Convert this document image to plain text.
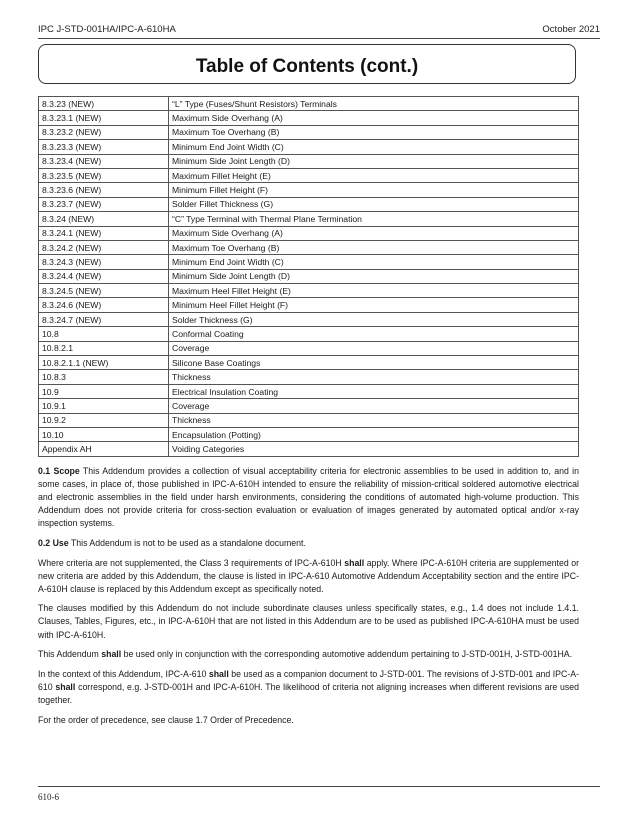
IPC J-STD-001HA/IPC-A-610HA	October 2021
Table of Contents (cont.)
8.3.23 (NEW)	“L” Type (Fuses/Shunt Resistors) Terminals
8.3.23.1 (NEW)	Maximum Side Overhang (A)
8.3.23.2 (NEW)	Maximum Toe Overhang (B)
8.3.23.3 (NEW)	Minimum End Joint Width (C)
8.3.23.4 (NEW)	Minimum Side Joint Length (D)
8.3.23.5 (NEW)	Maximum Fillet Height (E)
8.3.23.6 (NEW)	Minimum Fillet Height (F)
8.3.23.7 (NEW)	Solder Fillet Thickness (G)
8.3.24 (NEW)	“C” Type Terminal with Thermal Plane Termination
8.3.24.1 (NEW)	Maximum Side Overhang (A)
8.3.24.2 (NEW)	Maximum Toe Overhang (B)
8.3.24.3 (NEW)	Minimum End Joint Width (C)
8.3.24.4 (NEW)	Minimum Side Joint Length (D)
8.3.24.5 (NEW)	Maximum Heel Fillet Height (E)
8.3.24.6 (NEW)	Minimum Heel Fillet Height (F)
8.3.24.7 (NEW)	Solder Thickness (G)
10.8	Conformal Coating
10.8.2.1	Coverage
10.8.2.1.1 (NEW)	Silicone Base Coatings
10.8.3	Thickness
10.9	Electrical Insulation Coating
10.9.1	Coverage
10.9.2	Thickness
10.10	Encapsulation (Potting)
Appendix AH	Voiding Categories

0.1 Scope This Addendum provides a collection of visual acceptability criteria for electronic assemblies to be used in addition to, and in some cases, in place of, those published in IPC-A-610H intended to ensure the reliability of mission-critical soldered automotive electrical and electronic assemblies in the field under harsh environments, considering the conditions of automated high-volume production. This Addendum does not provide criteria for cross-section evaluation or evaluation of images generated by automated optical and/or x-ray inspection systems.

0.2 Use This Addendum is not to be used as a standalone document.

Where criteria are not supplemented, the Class 3 requirements of IPC-A-610H shall apply. Where IPC-A-610H criteria are supplemented or new criteria are added by this Addendum, the clause is listed in IPC-A-610 Automotive Addendum Acceptability section and the entire IPC-A-610H clause is replaced by this Addendum except as specifically noted.

The clauses modified by this Addendum do not include subordinate clauses unless specifically states, e.g., 1.4 does not include 1.4.1. Clauses, Tables, Figures, etc., in IPC-A-610H that are not listed in this Addendum are to be used as published IPC-A-610HA must be used with IPC-A-610H.

This Addendum shall be used only in conjunction with the corresponding automotive addendum pertaining to J-STD-001H, J-STD-001HA.

In the context of this Addendum, IPC-A-610 shall be used as a companion document to J-STD-001. The revisions of J-STD-001 and IPC-A-610 shall correspond, e.g. J-STD-001H and IPC-A-610H. The likelihood of criteria not aligning increases when different revisions are used together.

For the order of precedence, see clause 1.7 Order of Precedence.

610-6
